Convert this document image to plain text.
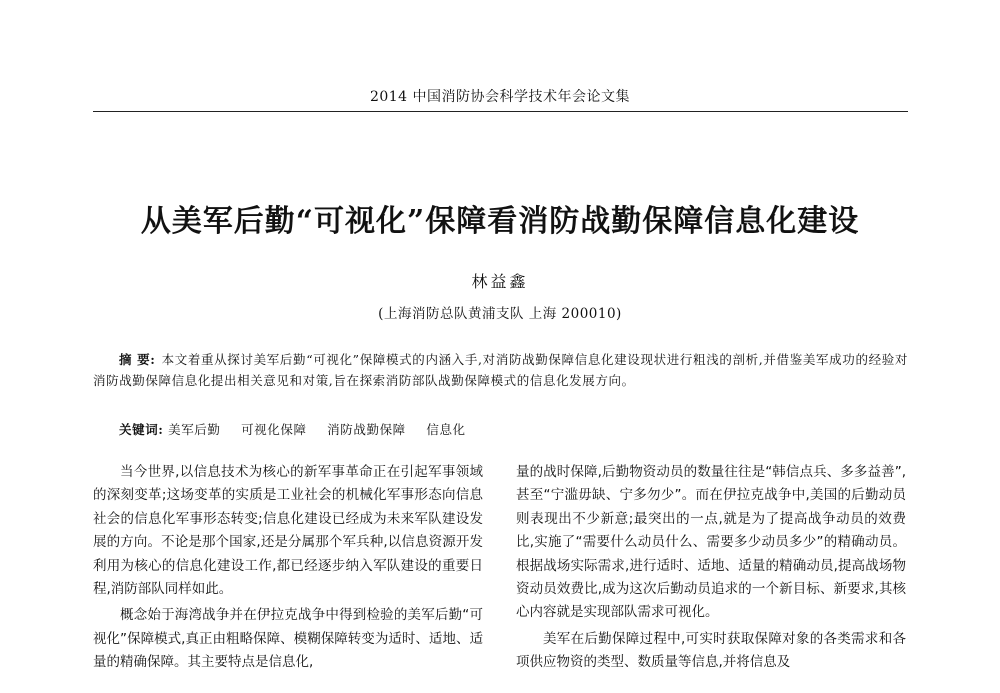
2014 中国消防协会科学技术年会论文集
从美军后勤“可视化”保障看消防战勤保障信息化建设
林益鑫
(上海消防总队黄浦支队 上海 200010)
摘 要: 本文着重从探讨美军后勤“可视化”保障模式的内涵入手,对消防战勤保障信息化建设现状进行粗浅的剖析,并借鉴美军成功的经验对消防战勤保障信息化提出相关意见和对策,旨在探索消防部队战勤保障模式的信息化发展方向。
关键词: 美军后勤 可视化保障 消防战勤保障 信息化

当今世界,以信息技术为核心的新军事革命正在引起军事领域的深刻变革;这场变革的实质是工业社会的机械化军事形态向信息社会的信息化军事形态转变;信息化建设已经成为未来军队建设发展的方向。不论是那个国家,还是分属那个军兵种,以信息资源开发利用为核心的信息化建设工作,都已经逐步纳入军队建设的重要日程,消防部队同样如此。

概念始于海湾战争并在伊拉克战争中得到检验的美军后勤“可视化”保障模式,真正由粗略保障、模糊保障转变为适时、适地、适量的精确保障。其主要特点是信息化,

量的战时保障,后勤物资动员的数量往往是“韩信点兵、多多益善”,甚至“宁滥毋缺、宁多勿少”。而在伊拉克战争中,美国的后勤动员则表现出不少新意;最突出的一点,就是为了提高战争动员的效费比,实施了“需要什么动员什么、需要多少动员多少”的精确动员。根据战场实际需求,进行适时、适地、适量的精确动员,提高战场物资动员效费比,成为这次后勤动员追求的一个新目标、新要求,其核心内容就是实现部队需求可视化。

美军在后勤保障过程中,可实时获取保障对象的各类需求和各项供应物资的类型、数质量等信息,并将信息及
